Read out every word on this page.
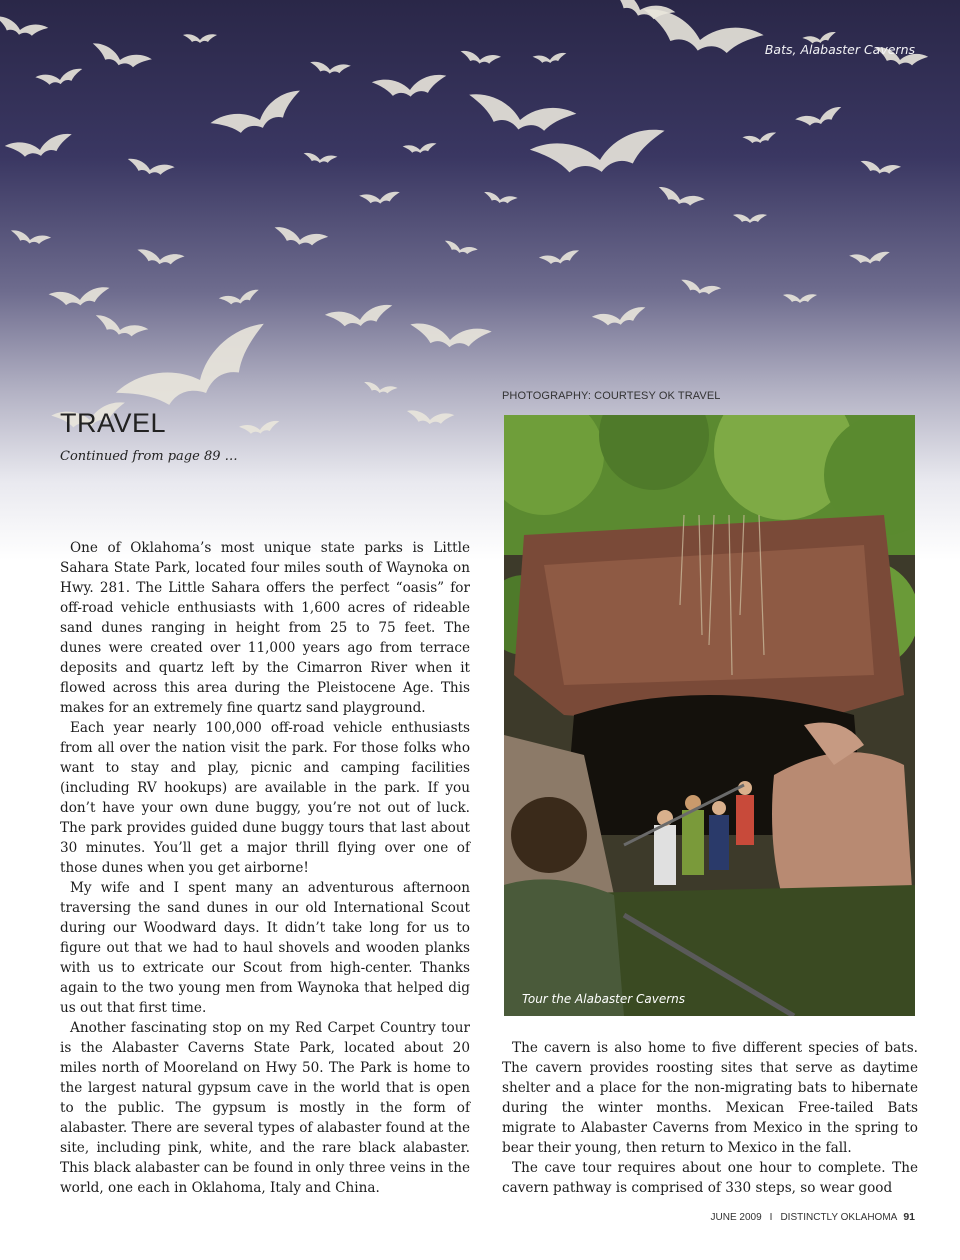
Bats, Alabaster Caverns
PHOTOGRAPHY: COURTESY OK TRAVEL
TRAVEL
Continued from page 89 …

One of Oklahoma’s most unique state parks is Little Sahara State Park, located four miles south of Waynoka on Hwy. 281. The Little Sahara offers the perfect “oasis” for off-road vehicle enthusiasts with 1,600 acres of rideable sand dunes ranging in height from 25 to 75 feet. The dunes were created over 11,000 years ago from terrace deposits and quartz left by the Cimarron River when it flowed across this area during the Pleistocene Age. This makes for an extremely fine quartz sand playground.

Each year nearly 100,000 off-road vehicle enthusiasts from all over the nation visit the park. For those folks who want to stay and play, picnic and camping facilities (including RV hookups) are available in the park. If you don’t have your own dune buggy, you’re not out of luck. The park provides guided dune buggy tours that last about 30 minutes. You’ll get a major thrill flying over one of those dunes when you get airborne!

My wife and I spent many an adventurous afternoon traversing the sand dunes in our old International Scout during our Woodward days. It didn’t take long for us to figure out that we had to haul shovels and wooden planks with us to extricate our Scout from high-center. Thanks again to the two young men from Waynoka that helped dig us out that first time.

Another fascinating stop on my Red Carpet Country tour is the Alabaster Caverns State Park, located about 20 miles north of Mooreland on Hwy 50. The Park is home to the largest natural gypsum cave in the world that is open to the public. The gypsum is mostly in the form of alabaster. There are several types of alabaster found at the site, including pink, white, and the rare black alabaster. This black alabaster can be found in only three veins in the world, one each in Oklahoma, Italy and China.

Tour the Alabaster Caverns

The cavern is also home to five different species of bats. The cavern provides roosting sites that serve as daytime shelter and a place for the non-migrating bats to hibernate during the winter months. Mexican Free-tailed Bats migrate to Alabaster Caverns from Mexico in the spring to bear their young, then return to Mexico in the fall.

The cave tour requires about one hour to complete. The cavern pathway is comprised of 330 steps, so wear good

JUNE 2009 I DISTINCTLY OKLAHOMA 91
